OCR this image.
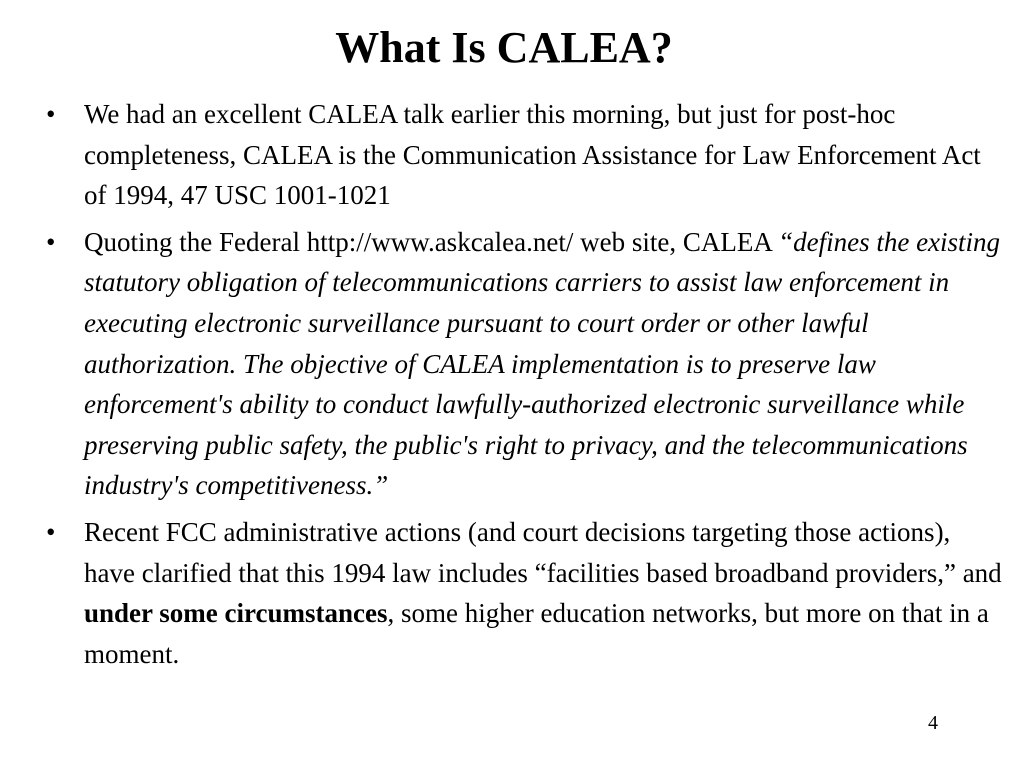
What Is CALEA?
• We had an excellent CALEA talk earlier this morning, but just for post-hoc completeness, CALEA is the Communication Assistance for Law Enforcement Act of 1994, 47 USC 1001-1021
• Quoting the Federal http://www.askcalea.net/ web site, CALEA “defines the existing statutory obligation of telecommunications carriers to assist law enforcement in executing electronic surveillance pursuant to court order or other lawful authorization. The objective of CALEA implementation is to preserve law enforcement's ability to conduct lawfully-authorized electronic surveillance while preserving public safety, the public's right to privacy, and the telecommunications industry's competitiveness.”
• Recent FCC administrative actions (and court decisions targeting those actions), have clarified that this 1994 law includes “facilities based broadband providers,” and under some circumstances, some higher education networks, but more on that in a moment.
4
